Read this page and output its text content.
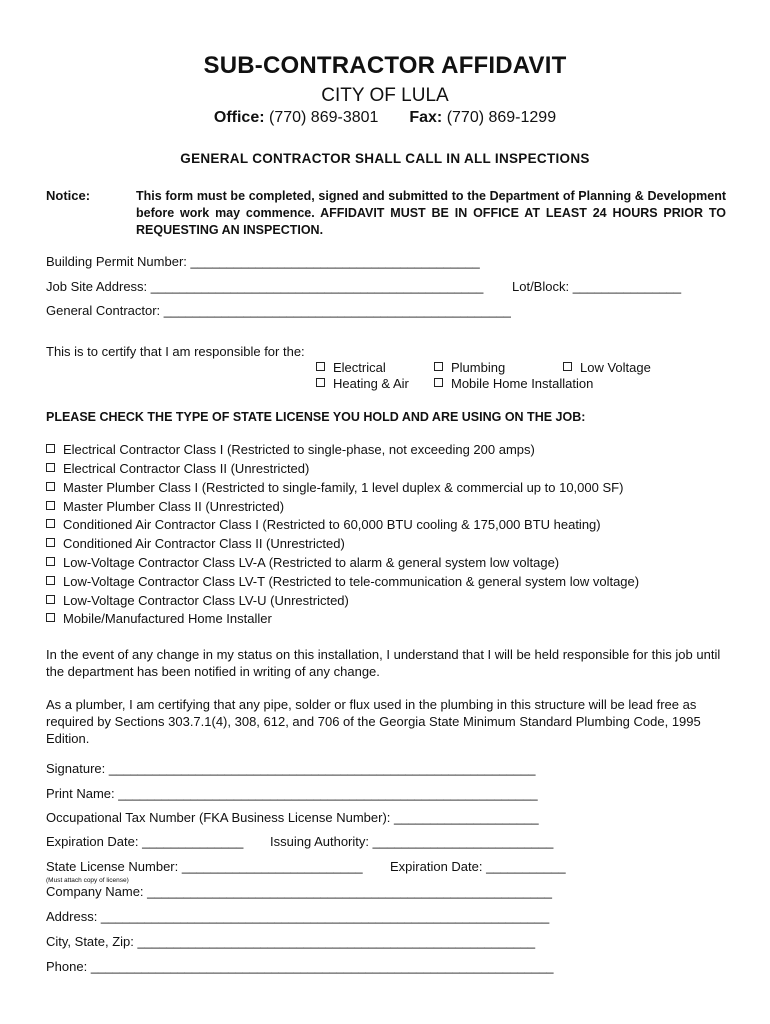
SUB-CONTRACTOR AFFIDAVIT
CITY OF LULA
Office: (770) 869-3801 Fax: (770) 869-1299
GENERAL CONTRACTOR SHALL CALL IN ALL INSPECTIONS
Notice:	This form must be completed, signed and submitted to the Department of Planning & Development before work may commence. AFFIDAVIT MUST BE IN OFFICE AT LEAST 24 HOURS PRIOR TO REQUESTING AN INSPECTION.
Building Permit Number: ________________________________________
Job Site Address: ______________________________________________ Lot/Block: _______________
General Contractor: ________________________________________________
This is to certify that I am responsible for the:
Electrical	Plumbing	Low Voltage
Heating & Air	Mobile Home Installation
PLEASE CHECK THE TYPE OF STATE LICENSE YOU HOLD AND ARE USING ON THE JOB:
Electrical Contractor Class I (Restricted to single-phase, not exceeding 200 amps)
Electrical Contractor Class II (Unrestricted)
Master Plumber Class I (Restricted to single-family, 1 level duplex & commercial up to 10,000 SF)
Master Plumber Class II (Unrestricted)
Conditioned Air Contractor Class I (Restricted to 60,000 BTU cooling & 175,000 BTU heating)
Conditioned Air Contractor Class II (Unrestricted)
Low-Voltage Contractor Class LV-A (Restricted to alarm & general system low voltage)
Low-Voltage Contractor Class LV-T (Restricted to tele-communication & general system low voltage)
Low-Voltage Contractor Class LV-U (Unrestricted)
Mobile/Manufactured Home Installer
In the event of any change in my status on this installation, I understand that I will be held responsible for this job until the department has been notified in writing of any change.
As a plumber, I am certifying that any pipe, solder or flux used in the plumbing in this structure will be lead free as required by Sections 303.7.1(4), 308, 612, and 706 of the Georgia State Minimum Standard Plumbing Code, 1995 Edition.
Signature: ___________________________________________________________
Print Name: __________________________________________________________
Occupational Tax Number (FKA Business License Number): ____________________
Expiration Date: ______________ Issuing Authority: _________________________
State License Number: _________________________ Expiration Date: ___________
(Must attach copy of license)
Company Name: ________________________________________________________
Address: ______________________________________________________________
City, State, Zip: _______________________________________________________
Phone: ________________________________________________________________
